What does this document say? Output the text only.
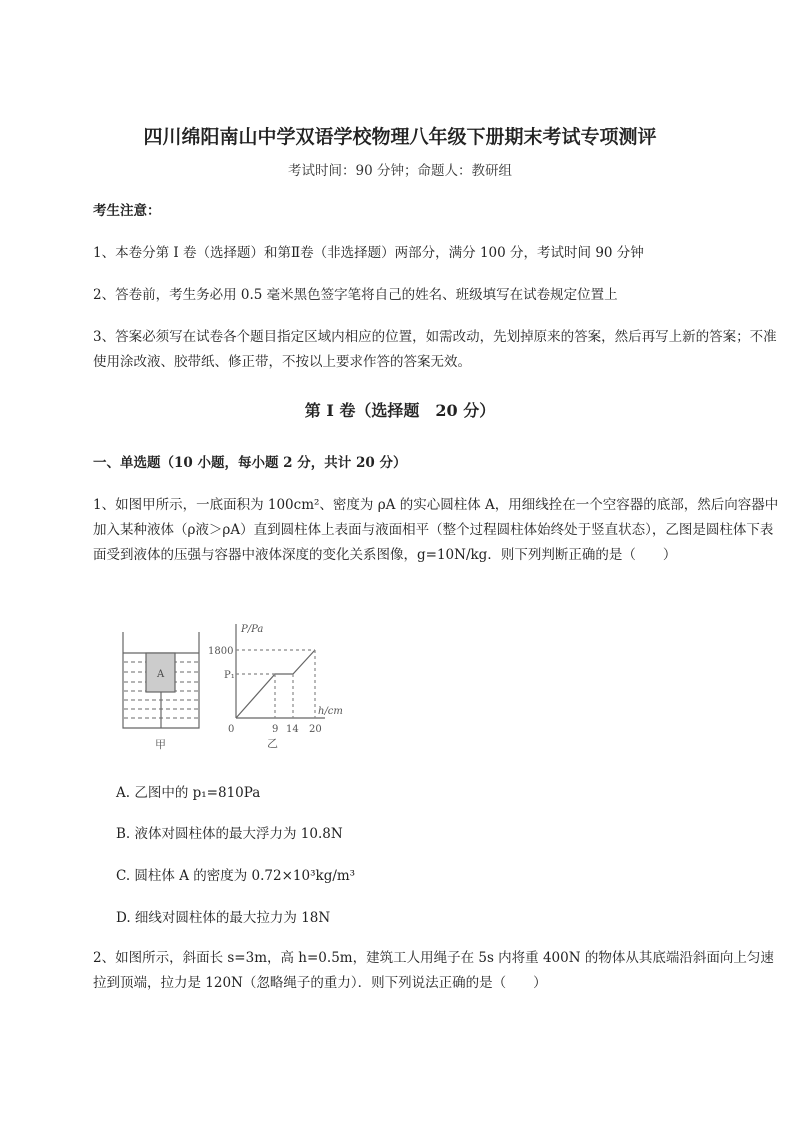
四川绵阳南山中学双语学校物理八年级下册期末考试专项测评
考试时间：90 分钟；命题人：教研组
考生注意：
1、本卷分第 I 卷（选择题）和第Ⅱ卷（非选择题）两部分，满分 100 分，考试时间 90 分钟
2、答卷前，考生务必用 0.5 毫米黑色签字笔将自己的姓名、班级填写在试卷规定位置上
3、答案必须写在试卷各个题目指定区域内相应的位置，如需改动，先划掉原来的答案，然后再写上新的答案；不准使用涂改液、胶带纸、修正带，不按以上要求作答的答案无效。
第 I 卷（选择题　20 分）
一、单选题（10 小题，每小题 2 分，共计 20 分）
1、如图甲所示，一底面积为 100cm²、密度为 ρA 的实心圆柱体 A，用细线拴在一个空容器的底部，然后向容器中加入某种液体（ρ液＞ρA）直到圆柱体上表面与液面相平（整个过程圆柱体始终处于竖直状态），乙图是圆柱体下表面受到液体的压强与容器中液体深度的变化关系图像，g=10N/kg．则下列判断正确的是（　　）
A
甲
P/Pa
h/cm
1800
P₁
0	9 14 20
乙
A. 乙图中的 p₁=810Pa
B. 液体对圆柱体的最大浮力为 10.8N
C. 圆柱体 A 的密度为 0.72×10³kg/m³
D. 细线对圆柱体的最大拉力为 18N
2、如图所示，斜面长 s=3m，高 h=0.5m，建筑工人用绳子在 5s 内将重 400N 的物体从其底端沿斜面向上匀速拉到顶端，拉力是 120N（忽略绳子的重力）．则下列说法正确的是（　　）
